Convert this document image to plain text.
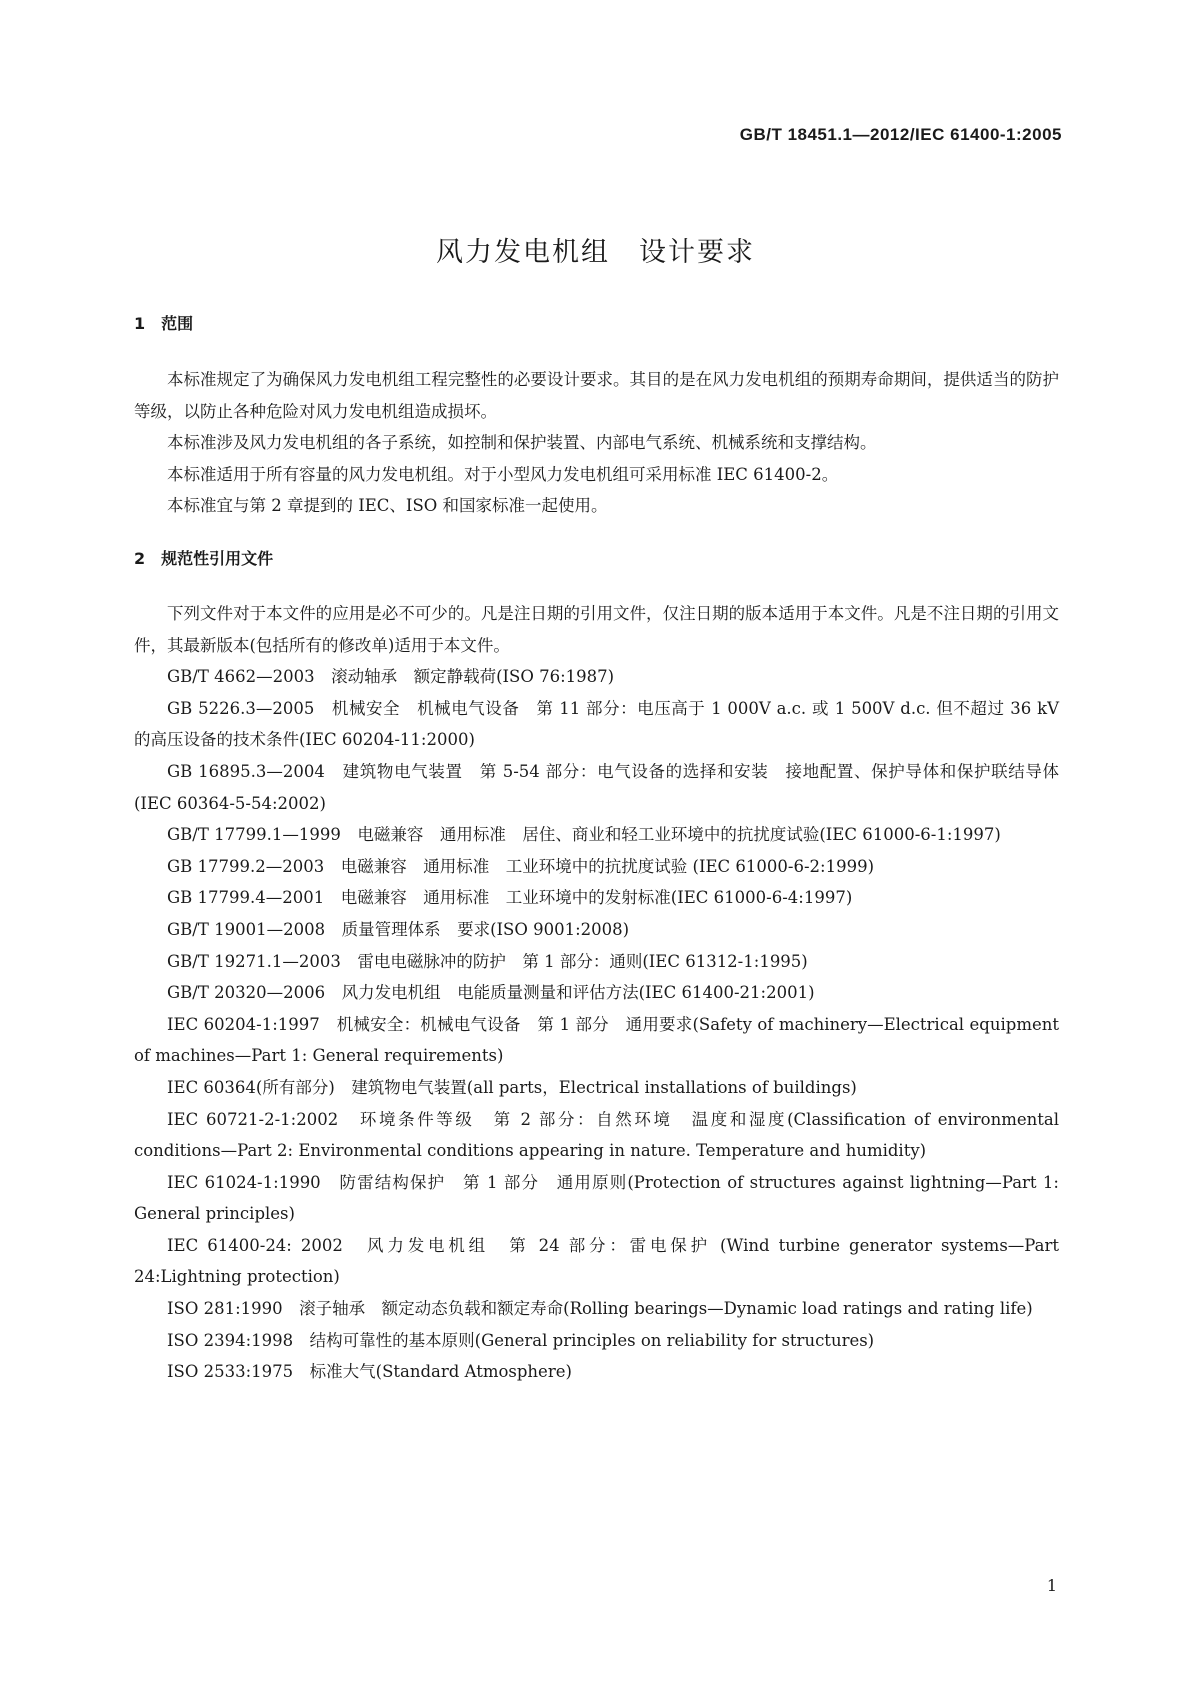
GB/T 18451.1—2012/IEC 61400-1:2005
风力发电机组　设计要求
1　范围

本标准规定了为确保风力发电机组工程完整性的必要设计要求。其目的是在风力发电机组的预期寿命期间，提供适当的防护等级，以防止各种危险对风力发电机组造成损坏。

本标准涉及风力发电机组的各子系统，如控制和保护装置、内部电气系统、机械系统和支撑结构。

本标准适用于所有容量的风力发电机组。对于小型风力发电机组可采用标准 IEC 61400-2。

本标准宜与第 2 章提到的 IEC、ISO 和国家标准一起使用。

2　规范性引用文件

下列文件对于本文件的应用是必不可少的。凡是注日期的引用文件，仅注日期的版本适用于本文件。凡是不注日期的引用文件，其最新版本(包括所有的修改单)适用于本文件。

GB/T 4662—2003　滚动轴承　额定静载荷(ISO 76:1987)

GB 5226.3—2005　机械安全　机械电气设备　第 11 部分：电压高于 1 000V a.c. 或 1 500V d.c. 但不超过 36 kV 的高压设备的技术条件(IEC 60204-11:2000)

GB 16895.3—2004　建筑物电气装置　第 5-54 部分：电气设备的选择和安装　接地配置、保护导体和保护联结导体(IEC 60364-5-54:2002)

GB/T 17799.1—1999　电磁兼容　通用标准　居住、商业和轻工业环境中的抗扰度试验(IEC 61000-6-1:1997)

GB 17799.2—2003　电磁兼容　通用标准　工业环境中的抗扰度试验 (IEC 61000-6-2:1999)

GB 17799.4—2001　电磁兼容　通用标准　工业环境中的发射标准(IEC 61000-6-4:1997)

GB/T 19001—2008　质量管理体系　要求(ISO 9001:2008)

GB/T 19271.1—2003　雷电电磁脉冲的防护　第 1 部分：通则(IEC 61312-1:1995)

GB/T 20320—2006　风力发电机组　电能质量测量和评估方法(IEC 61400-21:2001)

IEC 60204-1:1997　机械安全：机械电气设备　第 1 部分　通用要求(Safety of machinery—Electrical equipment of machines—Part 1: General requirements)

IEC 60364(所有部分)　建筑物电气装置(all parts，Electrical installations of buildings)

IEC 60721-2-1:2002　环境条件等级　第 2 部分：自然环境　温度和湿度(Classification of environmental conditions—Part 2: Environmental conditions appearing in nature. Temperature and humidity)

IEC 61024-1:1990　防雷结构保护　第 1 部分　通用原则(Protection of structures against lightning—Part 1: General principles)

IEC 61400-24: 2002　风力发电机组　第 24 部分：雷电保护 (Wind turbine generator systems—Part 24:Lightning protection)

ISO 281:1990　滚子轴承　额定动态负载和额定寿命(Rolling bearings—Dynamic load ratings and rating life)

ISO 2394:1998　结构可靠性的基本原则(General principles on reliability for structures)

ISO 2533:1975　标准大气(Standard Atmosphere)

1
